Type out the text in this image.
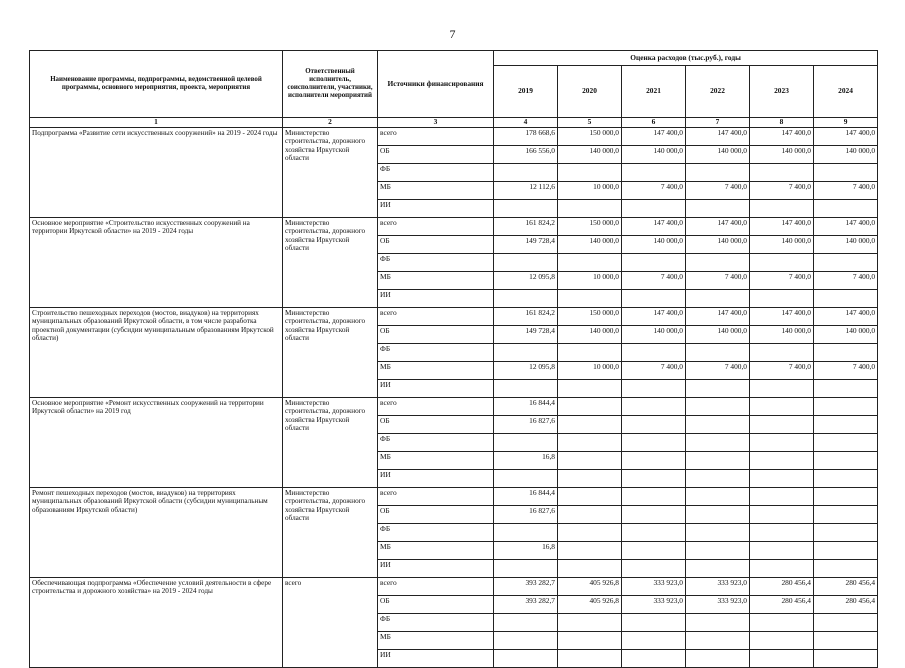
7
Наименование программы, подпрограммы, ведомственной целевой программы, основного мероприятия, проекта, мероприятия	Ответственный исполнитель, соисполнители, участники, исполнители мероприятий	Источники финансирования	Оценка расходов (тыс.руб.), годы					
			2019	2020	2021	2022	2023	2024
1	2	3	4	5	6	7	8	9
Подпрограмма «Развитие сети искусственных сооружений» на 2019 - 2024 годы	Министерство строительства, дорожного хозяйства Иркутской области	всего	178 668,6	150 000,0	147 400,0	147 400,0	147 400,0	147 400,0
		ОБ	166 556,0	140 000,0	140 000,0	140 000,0	140 000,0	140 000,0
		ФБ						
		МБ	12 112,6	10 000,0	7 400,0	7 400,0	7 400,0	7 400,0
		ИИ						
Основное мероприятие «Строительство искусственных сооружений на территории Иркутской области» на 2019 - 2024 годы	Министерство строительства, дорожного хозяйства Иркутской области	всего	161 824,2	150 000,0	147 400,0	147 400,0	147 400,0	147 400,0
		ОБ	149 728,4	140 000,0	140 000,0	140 000,0	140 000,0	140 000,0
		ФБ						
		МБ	12 095,8	10 000,0	7 400,0	7 400,0	7 400,0	7 400,0
		ИИ						
Строительство пешеходных переходов (мостов, виадуков) на территориях муниципальных образований Иркутской области, в том числе разработка проектной документации (субсидии муниципальным образованиям Иркутской области)	Министерство строительства, дорожного хозяйства Иркутской области	всего	161 824,2	150 000,0	147 400,0	147 400,0	147 400,0	147 400,0
		ОБ	149 728,4	140 000,0	140 000,0	140 000,0	140 000,0	140 000,0
		ФБ						
		МБ	12 095,8	10 000,0	7 400,0	7 400,0	7 400,0	7 400,0
		ИИ						
Основное мероприятие «Ремонт искусственных сооружений на территории Иркутской области» на 2019 год	Министерство строительства, дорожного хозяйства Иркутской области	всего	16 844,4					
		ОБ	16 827,6					
		ФБ						
		МБ	16,8					
		ИИ						
Ремонт пешеходных переходов (мостов, виадуков) на территориях муниципальных образований Иркутской области (субсидии муниципальным образованиям Иркутской области)	Министерство строительства, дорожного хозяйства Иркутской области	всего	16 844,4					
		ОБ	16 827,6					
		ФБ						
		МБ	16,8					
		ИИ						
Обеспечивающая подпрограмма «Обеспечение условий деятельности в сфере строительства и дорожного хозяйства» на 2019 - 2024 годы	всего	всего	393 282,7	405 926,8	333 923,0	333 923,0	280 456,4	280 456,4
		ОБ	393 282,7	405 926,8	333 923,0	333 923,0	280 456,4	280 456,4
		ФБ						
		МБ						
		ИИ						
